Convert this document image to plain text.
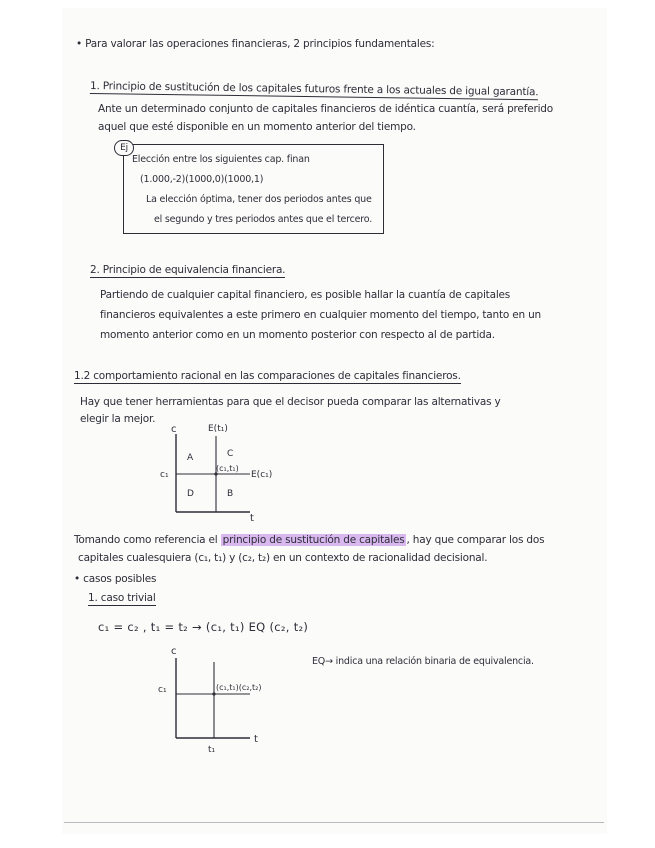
• Para valorar las operaciones financieras, 2 principios fundamentales:
1. Principio de sustitución de los capitales futuros frente a los actuales de igual garantía.
Ante un determinado conjunto de capitales financieros de idéntica cuantía, será preferido
aquel que esté disponible en un momento anterior del tiempo.
Ej
Elección entre los siguientes cap. finan
(1.000,-2)(1000,0)(1000,1)
La elección óptima, tener dos periodos antes que
el segundo y tres periodos antes que el tercero.
2. Principio de equivalencia financiera.
Partiendo de cualquier capital financiero, es posible hallar la cuantía de capitales
financieros equivalentes a este primero en cualquier momento del tiempo, tanto en un
momento anterior como en un momento posterior con respecto al de partida.
1.2 comportamiento racional en las comparaciones de capitales financieros.
Hay que tener herramientas para que el decisor pueda comparar las alternativas y
elegir la mejor.
c	E(t₁)
c₁
(c₁,t₁)
E(c₁)
A	C
D	B
t
Tomando como referencia el principio de sustitución de capitales , hay que comparar los dos
capitales cualesquiera (c₁, t₁) y (c₂, t₂) en un contexto de racionalidad decisional.
• casos posibles
1. caso trivial
c₁ = c₂ , t₁ = t₂ → (c₁, t₁) EQ (c₂, t₂)
c
c₁	(c₁,t₁)(c₂,t₂)
t
t₁
EQ→ indica una relación binaria de equivalencia.
